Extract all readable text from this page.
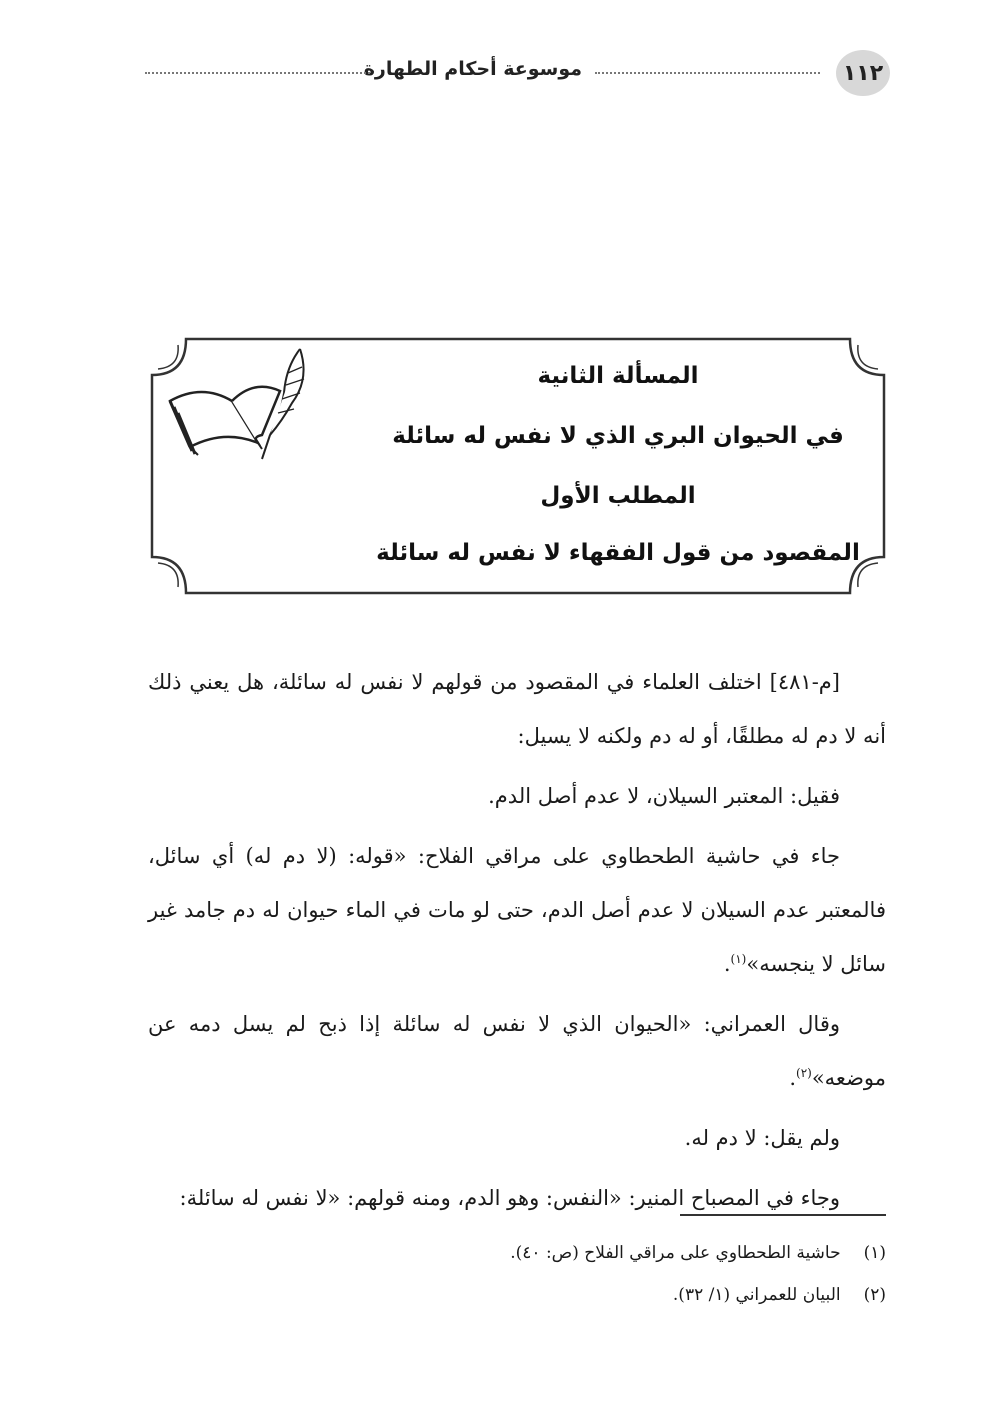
١١٢
موسوعة أحكام الطهارة
المسألة الثانية
في الحيوان البري الذي لا نفس له سائلة
المطلب الأول
المقصود من قول الفقهاء لا نفس له سائلة

[م-٤٨١] اختلف العلماء في المقصود من قولهم لا نفس له سائلة، هل يعني ذلك أنه لا دم له مطلقًا، أو له دم ولكنه لا يسيل:

فقيل: المعتبر السيلان، لا عدم أصل الدم.

جاء في حاشية الطحطاوي على مراقي الفلاح: «قوله: (لا دم له) أي سائل، فالمعتبر عدم السيلان لا عدم أصل الدم، حتى لو مات في الماء حيوان له دم جامد غير سائل لا ينجسه»$^{(١)}$.

وقال العمراني: «الحيوان الذي لا نفس له سائلة إذا ذبح لم يسل دمه عن موضعه»$^{(٢)}$.

ولم يقل: لا دم له.

وجاء في المصباح المنير: «النفس: وهو الدم، ومنه قولهم: «لا نفس له سائلة:

(١) حاشية الطحطاوي على مراقي الفلاح (ص: ٤٠).
(٢) البيان للعمراني (١/ ٣٢).
